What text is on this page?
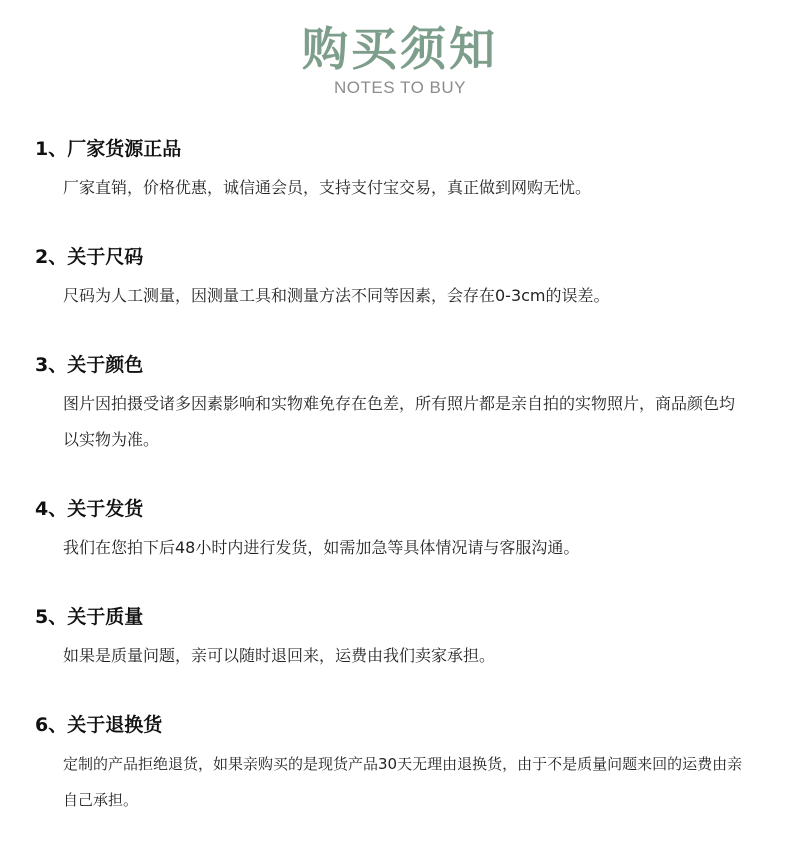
购买须知
NOTES TO BUY
1、厂家货源正品
厂家直销，价格优惠，诚信通会员，支持支付宝交易，真正做到网购无忧。
2、关于尺码
尺码为人工测量，因测量工具和测量方法不同等因素，会存在0-3cm的误差。
3、关于颜色
图片因拍摄受诸多因素影响和实物难免存在色差，所有照片都是亲自拍的实物照片，商品颜色均以实物为准。
4、关于发货
我们在您拍下后48小时内进行发货，如需加急等具体情况请与客服沟通。
5、关于质量
如果是质量问题，亲可以随时退回来，运费由我们卖家承担。
6、关于退换货
定制的产品拒绝退货，如果亲购买的是现货产品30天无理由退换货，由于不是质量问题来回的运费由亲自己承担。
